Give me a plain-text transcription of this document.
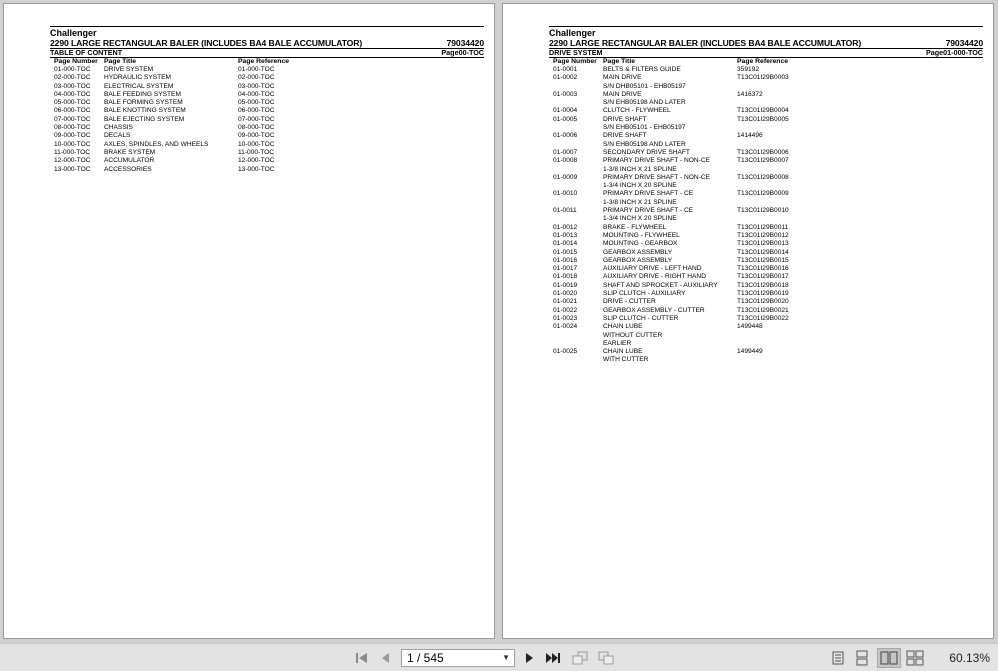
Challenger
2290 LARGE RECTANGULAR BALER (INCLUDES BA4 BALE ACCUMULATOR)	79034420
TABLE OF CONTENT	Page00-TOC
Page Number Page Title	Page Reference
01-000-TOC	DRIVE SYSTEM	01-000-TOC
02-000-TOC	HYDRAULIC SYSTEM	02-000-TOC
03-000-TOC	ELECTRICAL SYSTEM	03-000-TOC
04-000-TOC	BALE FEEDING SYSTEM	04-000-TOC
05-000-TOC	BALE FORMING SYSTEM	05-000-TOC
06-000-TOC	BALE KNOTTING SYSTEM	06-000-TOC
07-000-TOC	BALE EJECTING SYSTEM	07-000-TOC
08-000-TOC	CHASSIS	08-000-TOC
09-000-TOC	DECALS	09-000-TOC
10-000-TOC	AXLES, SPINDLES, AND WHEELS	10-000-TOC
11-000-TOC	BRAKE SYSTEM	11-000-TOC
12-000-TOC	ACCUMULATOR	12-000-TOC
13-000-TOC	ACCESSORIES	13-000-TOC
Challenger
2290 LARGE RECTANGULAR BALER (INCLUDES BA4 BALE ACCUMULATOR)	79034420
DRIVE SYSTEM	Page01-000-TOC
Page Number Page Title	Page Reference
01-0001	BELTS & FILTERS GUIDE	359192
01-0002	MAIN DRIVE	T13C01I29B0003
S/N DHB05101 - EHB05197
01-0003	MAIN DRIVE	1416372
S/N EHB05198 AND LATER
01-0004	CLUTCH - FLYWHEEL	T13C01I29B0004
01-0005	DRIVE SHAFT	T13C01I29B0005
S/N EHB05101 - EHB05197
01-0006	DRIVE SHAFT	1414496
S/N EHB05198 AND LATER
01-0007	SECONDARY DRIVE SHAFT	T13C01I29B0006
01-0008	PRIMARY DRIVE SHAFT - NON-CE	T13C01I29B0007
1-3/8 INCH X 21 SPLINE
01-0009	PRIMARY DRIVE SHAFT - NON-CE	T13C01I29B0008
1-3/4 INCH X 20 SPLINE
01-0010	PRIMARY DRIVE SHAFT - CE	T13C01I29B0009
1-3/8 INCH X 21 SPLINE
01-0011	PRIMARY DRIVE SHAFT - CE	T13C01I29B0010
1-3/4 INCH X 20 SPLINE
01-0012	BRAKE - FLYWHEEL	T13C01I29B0011
01-0013	MOUNTING - FLYWHEEL	T13C01I29B0012
01-0014	MOUNTING - GEARBOX	T13C01I29B0013
01-0015	GEARBOX ASSEMBLY	T13C01I29B0014
01-0016	GEARBOX ASSEMBLY	T13C01I29B0015
01-0017	AUXILIARY DRIVE - LEFT HAND	T13C01I29B0016
01-0018	AUXILIARY DRIVE - RIGHT HAND	T13C01I29B0017
01-0019	SHAFT AND SPROCKET - AUXILIARY	T13C01I29B0018
01-0020	SLIP CLUTCH - AUXILIARY	T13C01I29B0019
01-0021	DRIVE - CUTTER	T13C01I29B0020
01-0022	GEARBOX ASSEMBLY - CUTTER	T13C01I29B0021
01-0023	SLIP CLUTCH - CUTTER	T13C01I29B0022
01-0024	CHAIN LUBE	1499448
WITHOUT CUTTER
EARLIER
01-0025	CHAIN LUBE	1499449
WITH CUTTER
1 / 545	▼	60.13%
